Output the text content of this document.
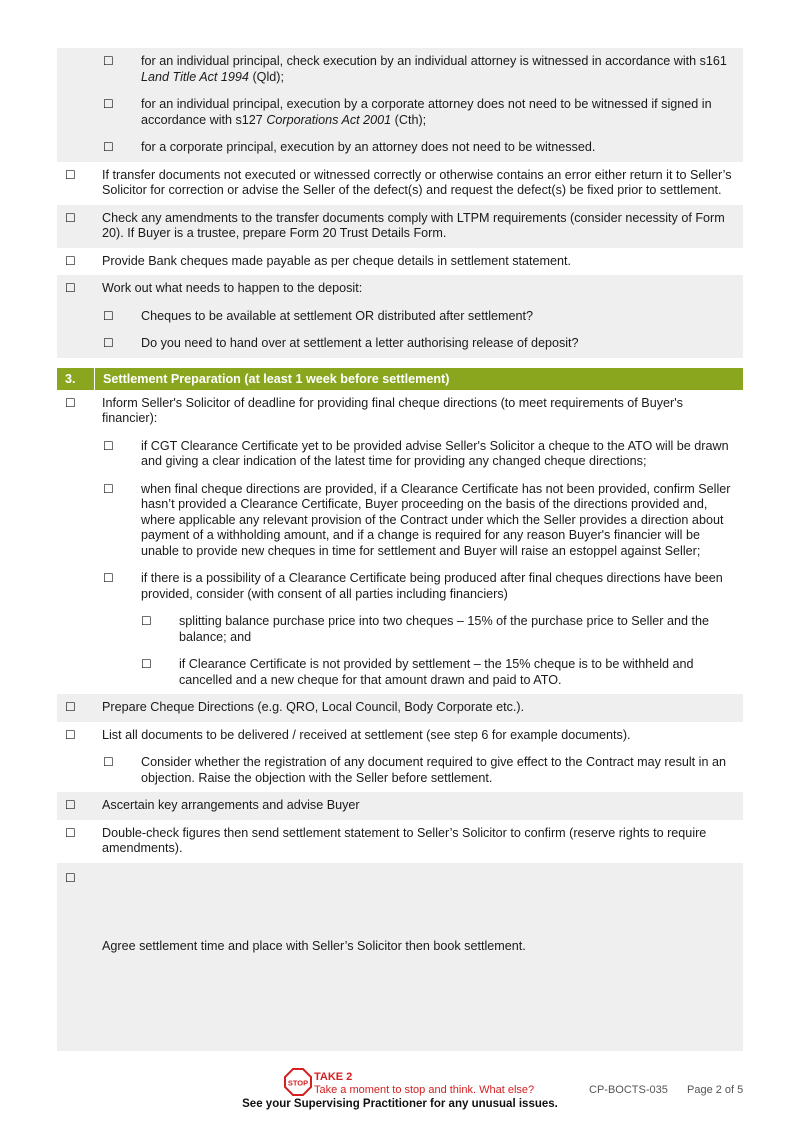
☐ for an individual principal, check execution by an individual attorney is witnessed in accordance with s161 Land Title Act 1994 (Qld);
☐ for an individual principal, execution by a corporate attorney does not need to be witnessed if signed in accordance with s127 Corporations Act 2001 (Cth);
☐ for a corporate principal, execution by an attorney does not need to be witnessed.
☐ If transfer documents not executed or witnessed correctly or otherwise contains an error either return it to Seller’s Solicitor for correction or advise the Seller of the defect(s) and request the defect(s) be fixed prior to settlement.
☐ Check any amendments to the transfer documents comply with LTPM requirements (consider necessity of Form 20). If Buyer is a trustee, prepare Form 20 Trust Details Form.
☐ Provide Bank cheques made payable as per cheque details in settlement statement.
☐ Work out what needs to happen to the deposit:
☐ Cheques to be available at settlement OR distributed after settlement?
☐ Do you need to hand over at settlement a letter authorising release of deposit?
3.	Settlement Preparation (at least 1 week before settlement)
☐ Inform Seller's Solicitor of deadline for providing final cheque directions (to meet requirements of Buyer's financier):
☐ if CGT Clearance Certificate yet to be provided advise Seller's Solicitor a cheque to the ATO will be drawn and giving a clear indication of the latest time for providing any changed cheque directions;
☐ when final cheque directions are provided, if a Clearance Certificate has not been provided, confirm Seller hasn’t provided a Clearance Certificate, Buyer proceeding on the basis of the directions provided and, where applicable any relevant provision of the Contract under which the Seller provides a direction about payment of a withholding amount, and if a change is required for any reason Buyer's financier will be unable to provide new cheques in time for settlement and Buyer will raise an estoppel against Seller;
☐ if there is a possibility of a Clearance Certificate being produced after final cheques directions have been provided, consider (with consent of all parties including financiers)
☐ splitting balance purchase price into two cheques – 15% of the purchase price to Seller and the balance; and
☐ if Clearance Certificate is not provided by settlement – the 15% cheque is to be withheld and cancelled and a new cheque for that amount drawn and paid to ATO.
☐ Prepare Cheque Directions (e.g. QRO, Local Council, Body Corporate etc.).
☐ List all documents to be delivered / received at settlement (see step 6 for example documents).
☐ Consider whether the registration of any document required to give effect to the Contract may result in an objection. Raise the objection with the Seller before settlement.
☐ Ascertain key arrangements and advise Buyer
☐ Double-check figures then send settlement statement to Seller’s Solicitor to confirm (reserve rights to require amendments).
☐
Agree settlement time and place with Seller’s Solicitor then book settlement.
STOP TAKE 2
Take a moment to stop and think. What else?	CP-BOCTS-035 Page 2 of 5
See your Supervising Practitioner for any unusual issues.
